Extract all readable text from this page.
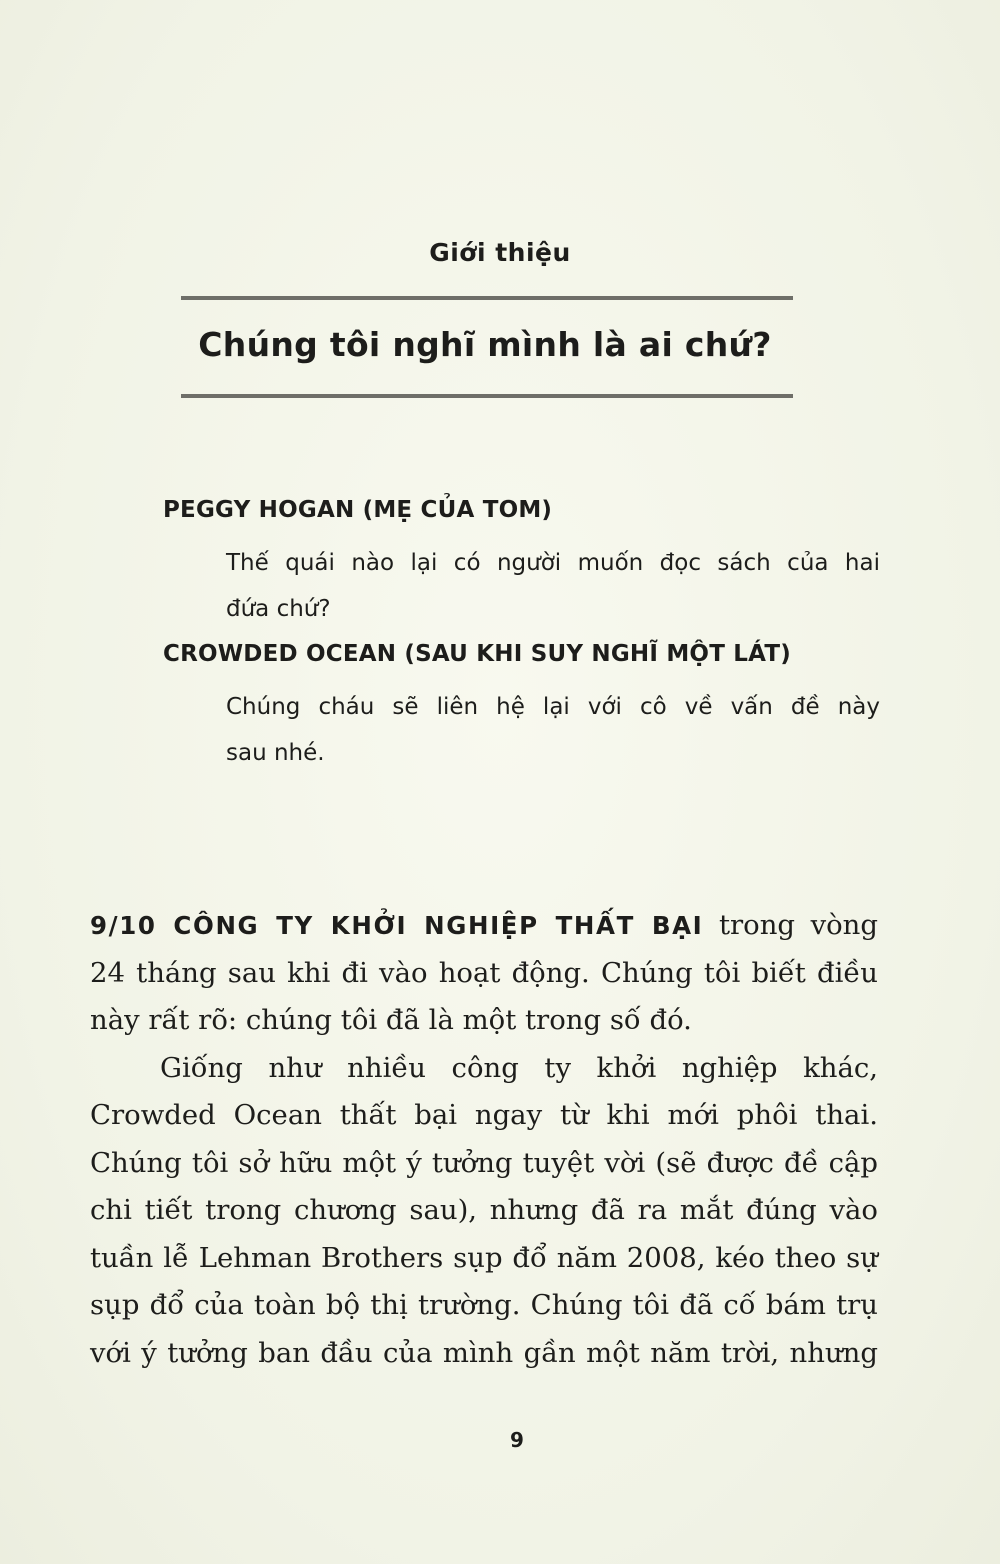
Giới thiệu
Chúng tôi nghĩ mình là ai chứ?
PEGGY HOGAN (MẸ CỦA TOM)
Thế quái nào lại có người muốn đọc sách của hai
đứa chứ?
CROWDED OCEAN (SAU KHI SUY NGHĨ MỘT LÁT)
Chúng cháu sẽ liên hệ lại với cô về vấn đề này
sau nhé.
9/10 CÔNG TY KHỞI NGHIỆP THẤT BẠI trong vòng
24 tháng sau khi đi vào hoạt động. Chúng tôi biết điều
này rất rõ: chúng tôi đã là một trong số đó.
Giống như nhiều công ty khởi nghiệp khác,
Crowded Ocean thất bại ngay từ khi mới phôi thai.
Chúng tôi sở hữu một ý tưởng tuyệt vời (sẽ được đề cập
chi tiết trong chương sau), nhưng đã ra mắt đúng vào
tuần lễ Lehman Brothers sụp đổ năm 2008, kéo theo sự
sụp đổ của toàn bộ thị trường. Chúng tôi đã cố bám trụ
với ý tưởng ban đầu của mình gần một năm trời, nhưng
9
